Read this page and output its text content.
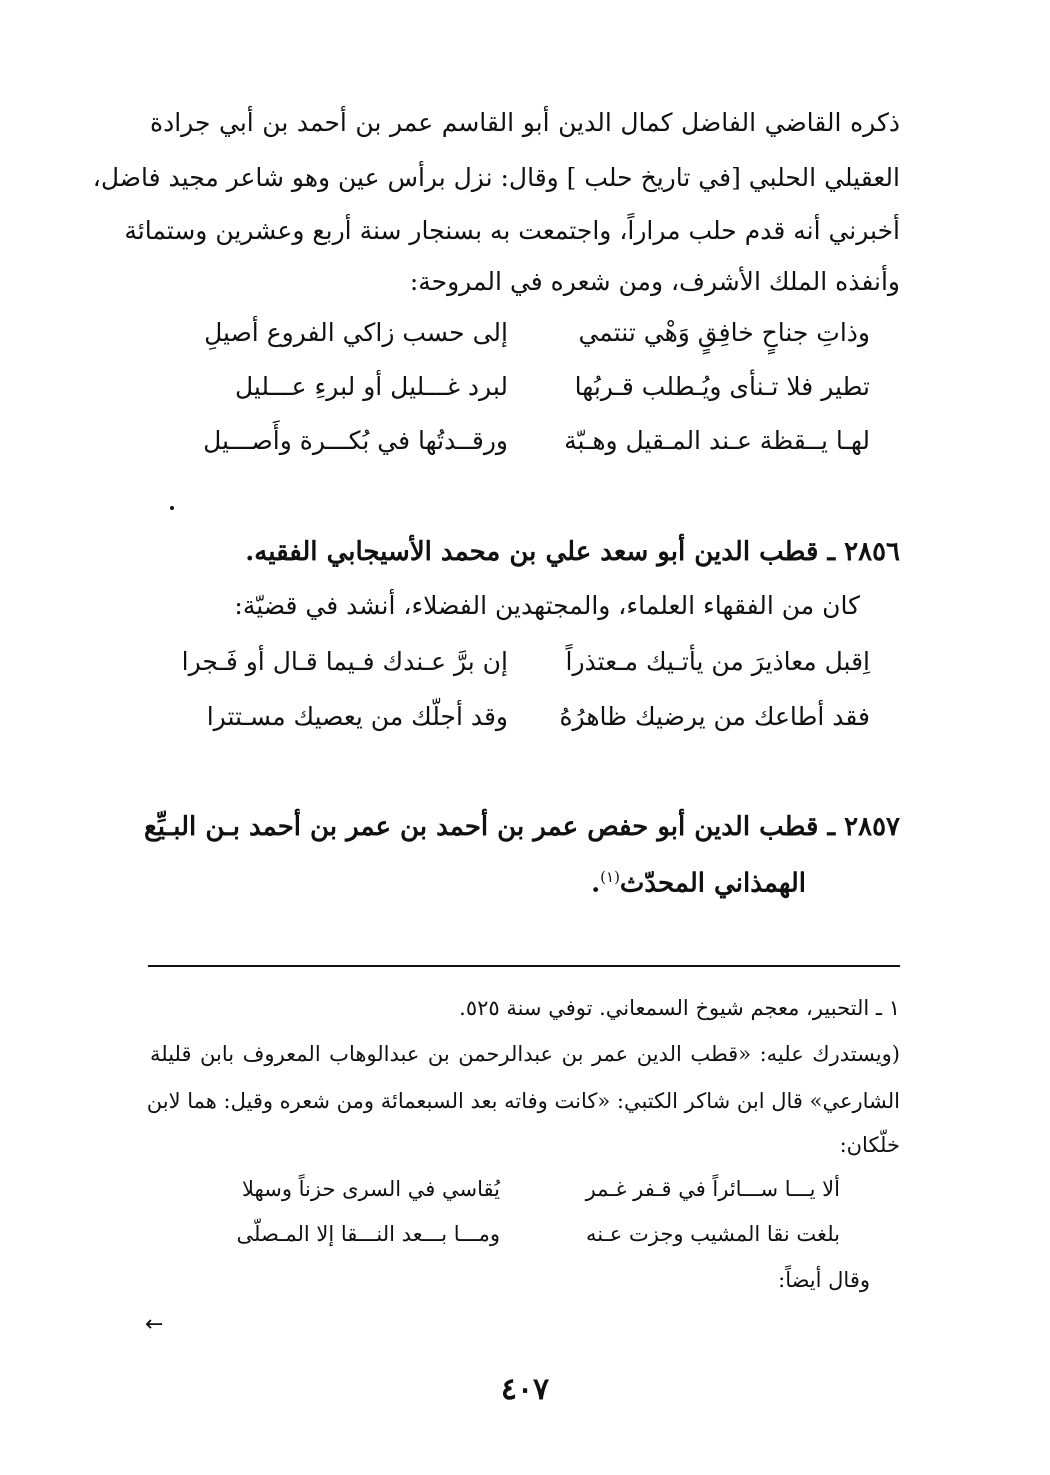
ذكره القاضي الفاضل كمال الدين أبو القاسم عمر بن أحمد بن أبي جرادة
العقيلي الحلبي [في تاريخ حلب ] وقال: نزل برأس عين وهو شاعر مجيد فاضل،
أخبرني أنه قدم حلب مراراً، واجتمعت به بسنجار سنة أربع وعشرين وستمائة
وأنفذه الملك الأشرف، ومن شعره في المروحة:
وذاتِ جناحٍ خافِقٍ وَهْي تنتمي
إلى حسب زاكي الفروع أصيلِ
تطير فلا تـنأى ويُـطلب قـربُها
لبرد غـــليل أو لبرءِ عـــليل
لهـا يــقظة عـند المـقيل وهـبّة
ورقــدتُها في بُكـــرة وأَصـــيل
٢٨٥٦ ـ قطب الدين أبو سعد علي بن محمد الأسيجابي الفقيه.
كان من الفقهاء العلماء، والمجتهدين الفضلاء، أنشد في قضيّة:
اِقبل معاذيرَ من يأتـيك مـعتذراً
إن برَّ عـندك فـيما قـال أو فَـجرا
فقد أطاعك من يرضيك ظاهرُهُ
وقد أجلّك من يعصيك مسـتترا
٢٨٥٧ ـ قطب الدين أبو حفص عمر بن أحمد بن عمر بن أحمد بـن البـيِّع
الهمذاني المحدّث$^{(١)}$.
١ ـ التحبير، معجم شيوخ السمعاني. توفي سنة ٥٢٥.
(ويستدرك عليه: «قطب الدين عمر بن عبدالرحمن بن عبدالوهاب المعروف بابن قليلة
الشارعي» قال ابن شاكر الكتبي: «كانت وفاته بعد السبعمائة ومن شعره وقيل: هما لابن
خلّكان:
ألا يـــا ســـائراً في قـفر غـمر
يُقاسي في السرى حزناً وسهلا
بلغت نقا المشيب وجزت عـنه
ومـــا بـــعد النـــقا إلا المـصلّى
وقال أيضاً:
←
٤٠٧
